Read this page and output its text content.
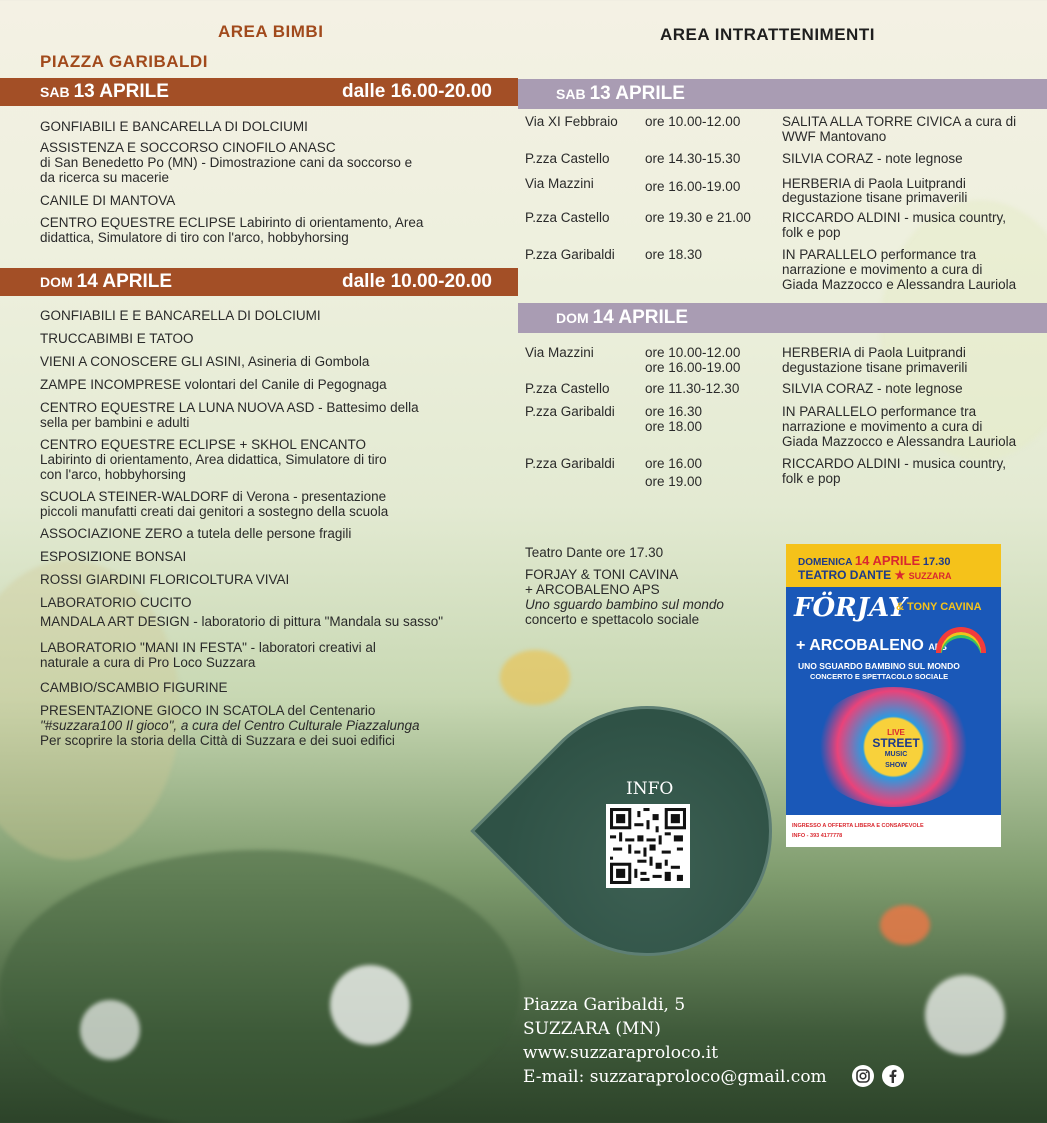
AREA BIMBI
PIAZZA GARIBALDI
SAB 13 APRILE	dalle 16.00-20.00
GONFIABILI E BANCARELLA DI DOLCIUMI
ASSISTENZA E SOCCORSO CINOFILO ANASC
di San Benedetto Po (MN) - Dimostrazione cani da soccorso e
da ricerca su macerie
CANILE DI MANTOVA
CENTRO EQUESTRE ECLIPSE Labirinto di orientamento, Area
didattica, Simulatore di tiro con l'arco, hobbyhorsing
DOM 14 APRILE	dalle 10.00-20.00
GONFIABILI E E BANCARELLA DI DOLCIUMI
TRUCCABIMBI E TATOO
VIENI A CONOSCERE GLI ASINI, Asineria di Gombola
ZAMPE INCOMPRESE volontari del Canile di Pegognaga
CENTRO EQUESTRE LA LUNA NUOVA ASD - Battesimo della
sella per bambini e adulti
CENTRO EQUESTRE ECLIPSE + SKHOL ENCANTO
Labirinto di orientamento, Area didattica, Simulatore di tiro
con l'arco, hobbyhorsing
SCUOLA STEINER-WALDORF di Verona - presentazione
piccoli manufatti creati dai genitori a sostegno della scuola
ASSOCIAZIONE ZERO a tutela delle persone fragili
ESPOSIZIONE BONSAI
ROSSI GIARDINI FLORICOLTURA VIVAI
LABORATORIO CUCITO
MANDALA ART DESIGN - laboratorio di pittura "Mandala su sasso"
LABORATORIO "MANI IN FESTA" - laboratori creativi al
naturale a cura di Pro Loco Suzzara
CAMBIO/SCAMBIO FIGURINE
PRESENTAZIONE GIOCO IN SCATOLA del Centenario
"#suzzara100 Il gioco", a cura del Centro Culturale Piazzalunga
Per scoprire la storia della Città di Suzzara e dei suoi edifici
AREA INTRATTENIMENTI
SAB 13 APRILE
Via XI Febbraio ore 10.00-12.00	SALITA ALLA TORRE CIVICA a cura di
WWF Mantovano
P.zza Castello	ore 14.30-15.30	SILVIA CORAZ - note legnose
Via Mazzini	ore 16.00-19.00	HERBERIA di Paola Luitprandi
degustazione tisane primaverili
P.zza Castello	ore 19.30 e 21.00 RICCARDO ALDINI - musica country,
folk e pop
P.zza Garibaldi ore 18.30	IN PARALLELO performance tra
narrazione e movimento a cura di
Giada Mazzocco e Alessandra Lauriola
DOM 14 APRILE
Via Mazzini	ore 10.00-12.00
ore 16.00-19.00
HERBERIA di Paola Luitprandi
degustazione tisane primaverili
P.zza Castello	ore 11.30-12.30	SILVIA CORAZ - note legnose
P.zza Garibaldi ore 16.30
ore 18.00
IN PARALLELO performance tra
narrazione e movimento a cura di
Giada Mazzocco e Alessandra Lauriola
P.zza Garibaldi ore 16.00
ore 19.00
RICCARDO ALDINI - musica country,
folk e pop
Teatro Dante ore 17.30
FORJAY & TONI CAVINA
+ ARCOBALENO APS
Uno sguardo bambino sul mondo
concerto e spettacolo sociale
DOMENICA 14 APRILE 17.30
TEATRO DANTE ★ SUZZARA
FÖRJAY
& TONY CAVINA
+ ARCOBALENO APS
UNO SGUARDO BAMBINO SUL MONDO
CONCERTO E SPETTACOLO SOCIALE
LIVE
STREET
MUSIC
SHOW
INGRESSO A OFFERTA LIBERA E CONSAPEVOLE
INFO - 393 4177778
INFO
Piazza Garibaldi, 5
SUZZARA (MN)
www.suzzaraproloco.it
E-mail: suzzaraproloco@gmail.com
